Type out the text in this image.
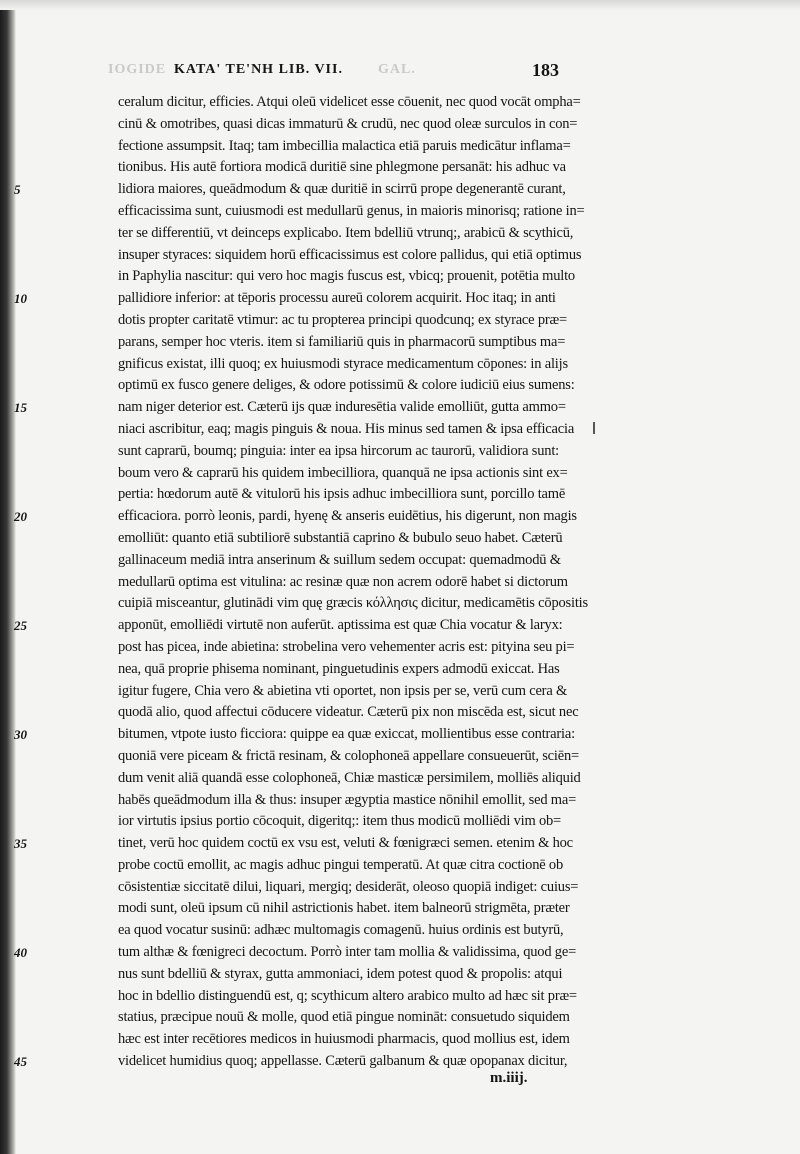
IOGIDE KATA' TE'NH LIB. VII.	GAL.	183
5
10
15
20
25
30
35
40
45
ceralum dicitur, efficies. Atqui oleū videlicet esse cōuenit, nec quod vocāt ompha=
cinū & omotribes, quasi dicas immaturū & crudū, nec quod oleæ surculos in con=
fectione assumpsit. Itaq; tam imbecillia malactica etiā paruis medicātur inflama=
tionibus. His autē fortiora modicā duritiē sine phlegmone persanāt: his adhuc va
lidiora maiores, queādmodum & quæ duritiē in scirrū prope degenerantē curant,
efficacissima sunt, cuiusmodi est medullarū genus, in maioris minorisq; ratione in=
ter se differentiū, vt deinceps explicabo. Item bdelliū vtrunq;, arabicū & scythicū,
insuper styraces: siquidem horū efficacissimus est colore pallidus, qui etiā optimus
in Paphylia nascitur: qui vero hoc magis fuscus est, vbicq; prouenit, potētia multo
pallidiore inferior: at tēporis processu aureū colorem acquirit. Hoc itaq; in anti
dotis propter caritatē vtimur: ac tu propterea principi quodcunq; ex styrace præ=
parans, semper hoc vteris. item si familiariū quis in pharmacorū sumptibus ma=
gnificus existat, illi quoq; ex huiusmodi styrace medicamentum cōpones: in alijs
optimū ex fusco genere deliges, & odore potissimū & colore iudiciū eius sumens:
nam niger deterior est. Cæterū ijs quæ induresētia valide emolliūt, gutta ammo=
niaci ascribitur, eaq; magis pinguis & noua. His minus sed tamen & ipsa efficacia
sunt caprarū, boumq; pinguia: inter ea ipsa hircorum ac taurorū, validiora sunt:
boum vero & caprarū his quidem imbecilliora, quanquā ne ipsa actionis sint ex=
pertia: hœdorum autē & vitulorū his ipsis adhuc imbecilliora sunt, porcillo tamē
efficaciora. porrò leonis, pardi, hyenę & anseris euidētius, his digerunt, non magis
emolliūt: quanto etiā subtiliorē substantiā caprino & bubulo seuo habet. Cæterū
gallinaceum mediā intra anserinum & suillum sedem occupat: quemadmodū &
medullarū optima est vitulina: ac resinæ quæ non acrem odorē habet si dictorum
cuipiā misceantur, glutinādi vim quę græcis κόλλησις dicitur, medicamētis cōpositis
apponūt, emolliēdi virtutē non auferūt. aptissima est quæ Chia vocatur & laryx:
post has picea, inde abietina: strobelina vero vehementer acris est: pityina seu pi=
nea, quā proprie phisema nominant, pinguetudinis expers admodū exiccat. Has
igitur fugere, Chia vero & abietina vti oportet, non ipsis per se, verū cum cera &
quodā alio, quod affectui cōducere videatur. Cæterū pix non miscēda est, sicut nec
bitumen, vtpote iusto ficciora: quippe ea quæ exiccat, mollientibus esse contraria:
quoniā vere piceam & frictā resinam, & colophoneā appellare consueuerūt, sciēn=
dum venit aliā quandā esse colophoneā, Chiæ masticæ persimilem, molliēs aliquid
habēs queādmodum illa & thus: insuper ægyptia mastice nōnihil emollit, sed ma=
ior virtutis ipsius portio cōcoquit, digeritq;: item thus modicū molliēdi vim ob=
tinet, verū hoc quidem coctū ex vsu est, veluti & fœnigræci semen. etenim & hoc
probe coctū emollit, ac magis adhuc pingui temperatū. At quæ citra coctionē ob
cōsistentiæ siccitatē dilui, liquari, mergiq; desiderāt, oleoso quopiā indiget: cuius=
modi sunt, oleū ipsum cū nihil astrictionis habet. item balneorū strigmēta, præter
ea quod vocatur susinū: adhæc multomagis comagenū. huius ordinis est butyrū,
tum althæ & fœnigreci decoctum. Porrò inter tam mollia & validissima, quod ge=
nus sunt bdelliū & styrax, gutta ammoniaci, idem potest quod & propolis: atqui
hoc in bdellio distinguendū est, q; scythicum altero arabico multo ad hæc sit præ=
statius, præcipue nouū & molle, quod etiā pingue nomināt: consuetudo siquidem
hæc est inter recētiores medicos in huiusmodi pharmacis, quod mollius est, idem
videlicet humidius quoq; appellasse. Cæterū galbanum & quæ opopanax dicitur,
m.iiij.
